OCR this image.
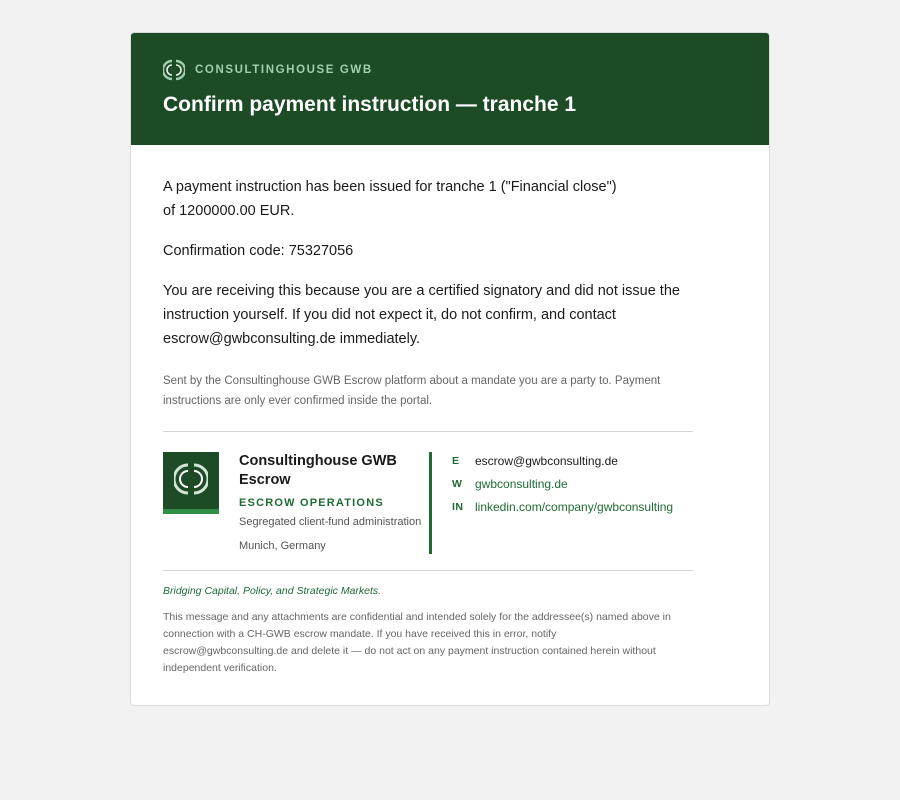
CONSULTINGHOUSE GWB
Confirm payment instruction — tranche 1

A payment instruction has been issued for tranche 1 ("Financial close")
of 1200000.00 EUR.

Confirmation code: 75327056

You are receiving this because you are a certified signatory and did not issue the instruction yourself. If you did not expect it, do not confirm, and contact escrow@gwbconsulting.de immediately.

Sent by the Consultinghouse GWB Escrow platform about a mandate you are a party to. Payment instructions are only ever confirmed inside the portal.

Consultinghouse GWB Escrow
ESCROW OPERATIONS
Segregated client-fund administration
Munich, Germany
E	escrow@gwbconsulting.de
W	gwbconsulting.de
IN linkedin.com/company/gwbconsulting

Bridging Capital, Policy, and Strategic Markets.

This message and any attachments are confidential and intended solely for the addressee(s) named above in connection with a CH-GWB escrow mandate. If you have received this in error, notify escrow@gwbconsulting.de and delete it — do not act on any payment instruction contained herein without independent verification.
